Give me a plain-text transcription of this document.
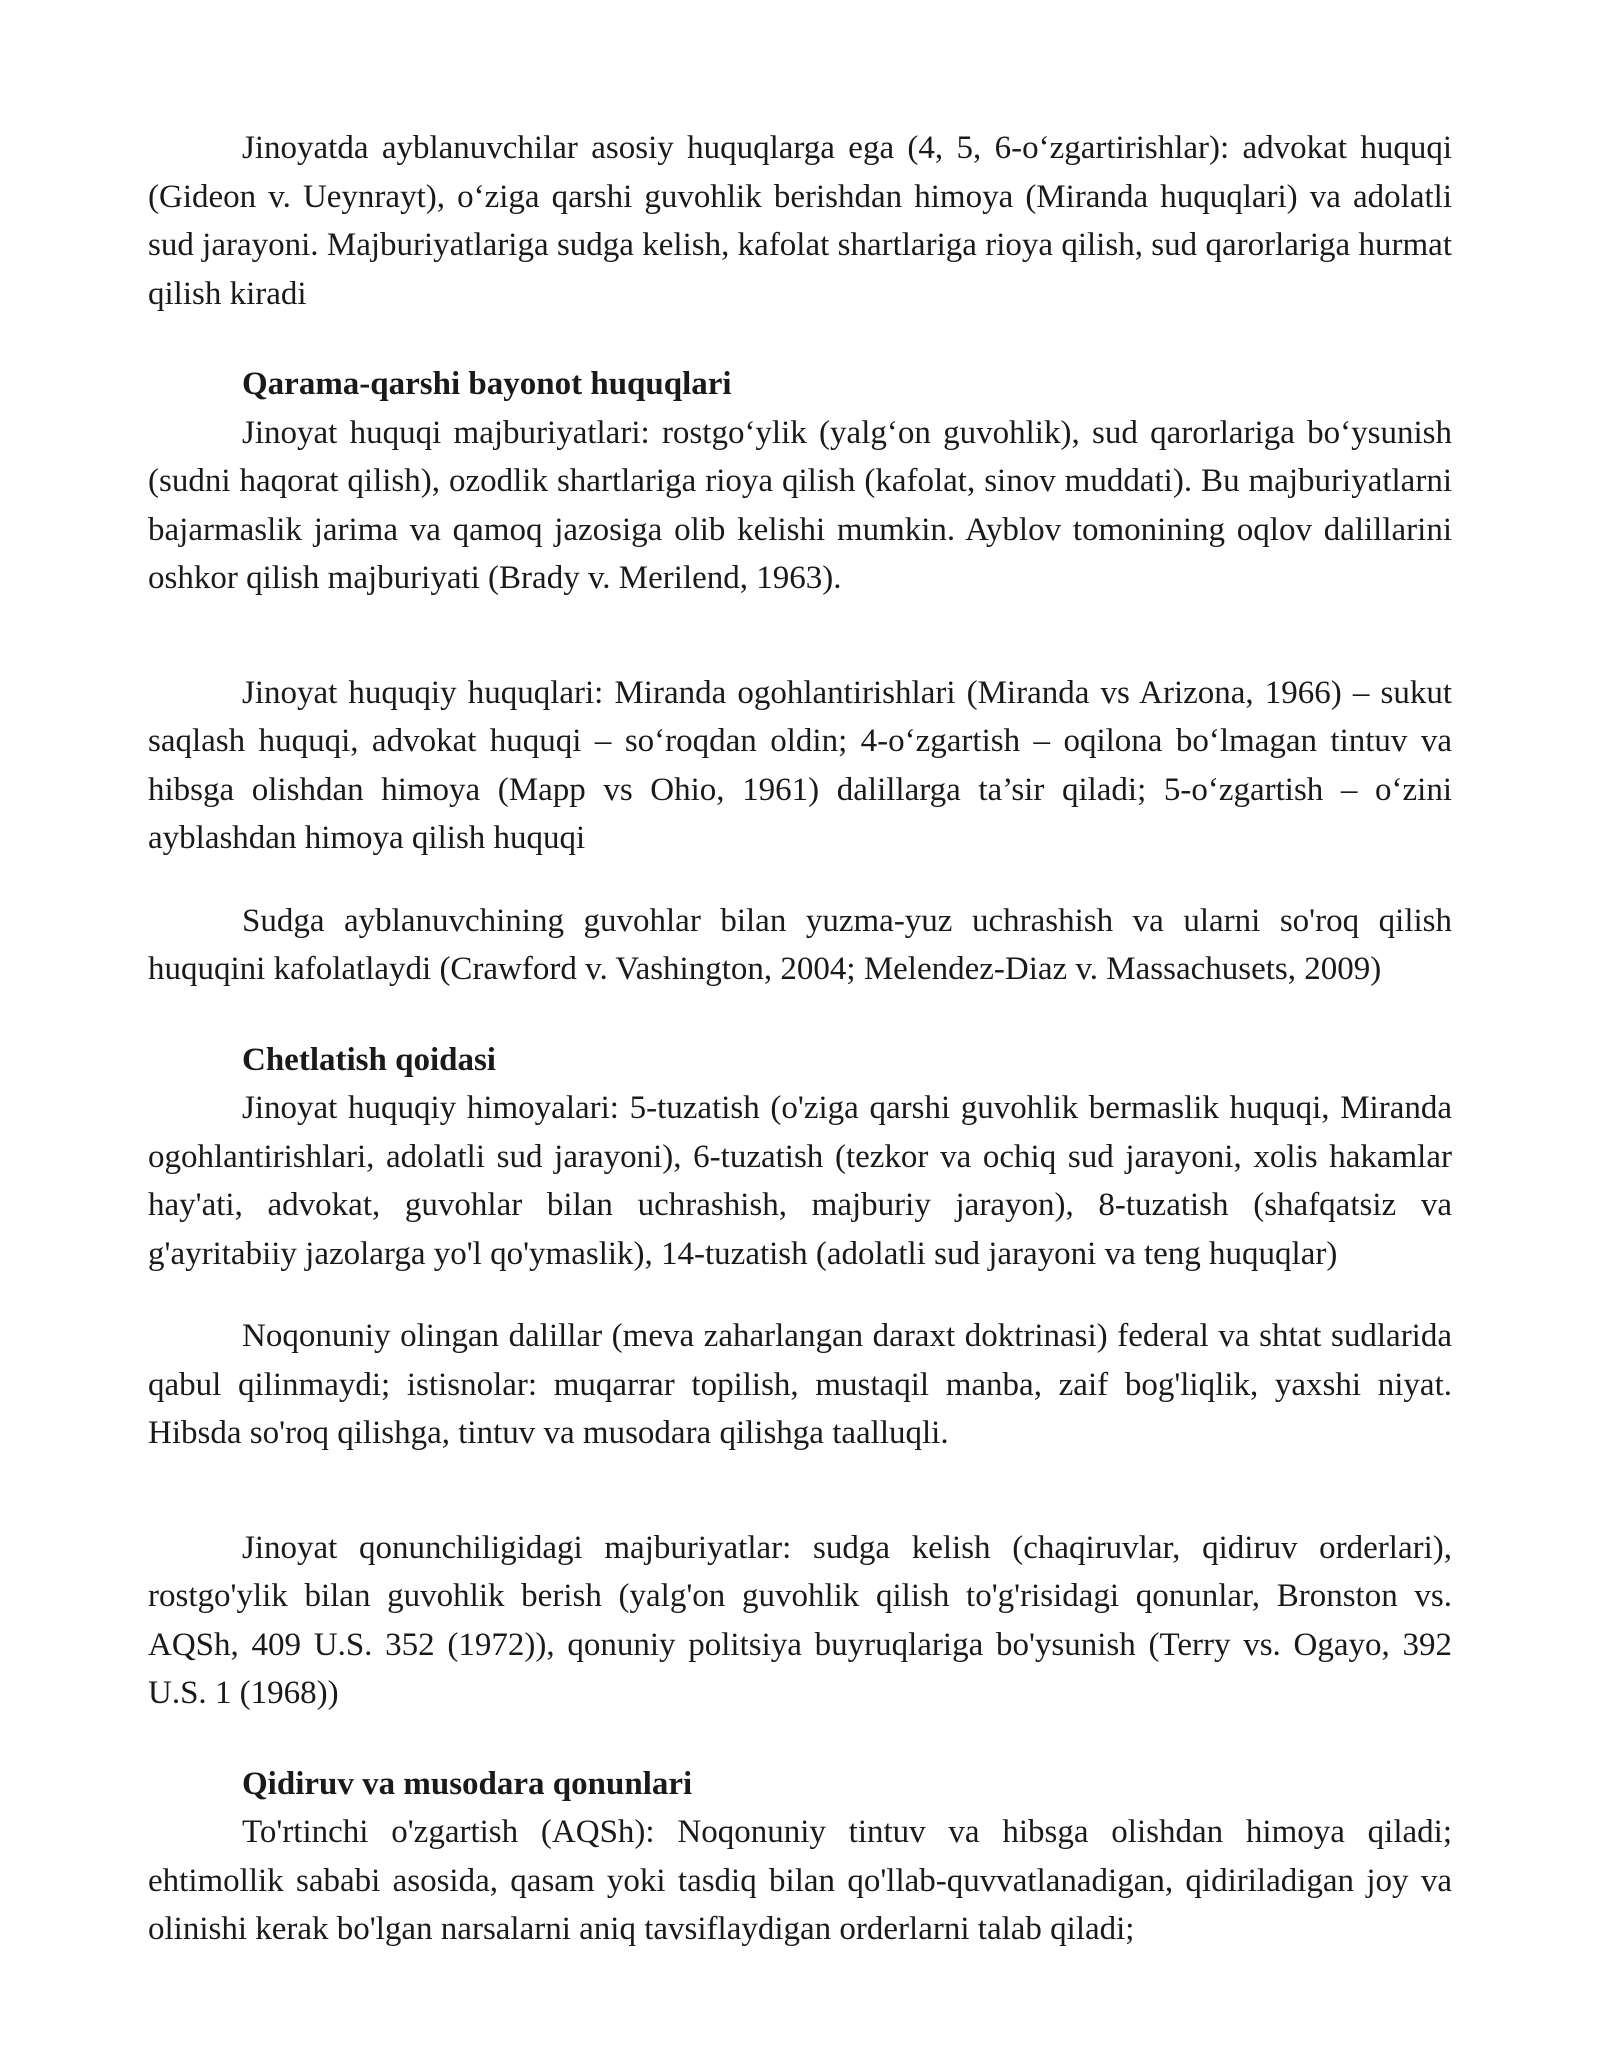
Jinoyatda ayblanuvchilar asosiy huquqlarga ega (4, 5, 6-o‘zgartirishlar): advokat huquqi (Gideon v. Ueynrayt), o‘ziga qarshi guvohlik berishdan himoya (Miranda huquqlari) va adolatli sud jarayoni. Majburiyatlariga sudga kelish, kafolat shartlariga rioya qilish, sud qarorlariga hurmat qilish kiradi

Qarama-qarshi bayonot huquqlari

Jinoyat huquqi majburiyatlari: rostgo‘ylik (yalg‘on guvohlik), sud qarorlariga bo‘ysunish (sudni haqorat qilish), ozodlik shartlariga rioya qilish (kafolat, sinov muddati). Bu majburiyatlarni bajarmaslik jarima va qamoq jazosiga olib kelishi mumkin. Ayblov tomonining oqlov dalillarini oshkor qilish majburiyati (Brady v. Merilend, 1963).

Jinoyat huquqiy huquqlari: Miranda ogohlantirishlari (Miranda vs Arizona, 1966) – sukut saqlash huquqi, advokat huquqi – so‘roqdan oldin; 4-o‘zgartish – oqilona bo‘lmagan tintuv va hibsga olishdan himoya (Mapp vs Ohio, 1961) dalillarga ta’sir qiladi; 5-o‘zgartish – o‘zini ayblashdan himoya qilish huquqi

Sudga ayblanuvchining guvohlar bilan yuzma-yuz uchrashish va ularni so'roq qilish huquqini kafolatlaydi (Crawford v. Vashington, 2004; Melendez-Diaz v. Massachusets, 2009)

Chetlatish qoidasi

Jinoyat huquqiy himoyalari: 5-tuzatish (o'ziga qarshi guvohlik bermaslik huquqi, Miranda ogohlantirishlari, adolatli sud jarayoni), 6-tuzatish (tezkor va ochiq sud jarayoni, xolis hakamlar hay'ati, advokat, guvohlar bilan uchrashish, majburiy jarayon), 8-tuzatish (shafqatsiz va g'ayritabiiy jazolarga yo'l qo'ymaslik), 14-tuzatish (adolatli sud jarayoni va teng huquqlar)

Noqonuniy olingan dalillar (meva zaharlangan daraxt doktrinasi) federal va shtat sudlarida qabul qilinmaydi; istisnolar: muqarrar topilish, mustaqil manba, zaif bog'liqlik, yaxshi niyat. Hibsda so'roq qilishga, tintuv va musodara qilishga taalluqli.

Jinoyat qonunchiligidagi majburiyatlar: sudga kelish (chaqiruvlar, qidiruv orderlari), rostgo'ylik bilan guvohlik berish (yalg'on guvohlik qilish to'g'risidagi qonunlar, Bronston vs. AQSh, 409 U.S. 352 (1972)), qonuniy politsiya buyruqlariga bo'ysunish (Terry vs. Ogayo, 392 U.S. 1 (1968))

Qidiruv va musodara qonunlari

To'rtinchi o'zgartish (AQSh): Noqonuniy tintuv va hibsga olishdan himoya qiladi; ehtimollik sababi asosida, qasam yoki tasdiq bilan qo'llab-quvvatlanadigan, qidiriladigan joy va olinishi kerak bo'lgan narsalarni aniq tavsiflaydigan orderlarni talab qiladi;
